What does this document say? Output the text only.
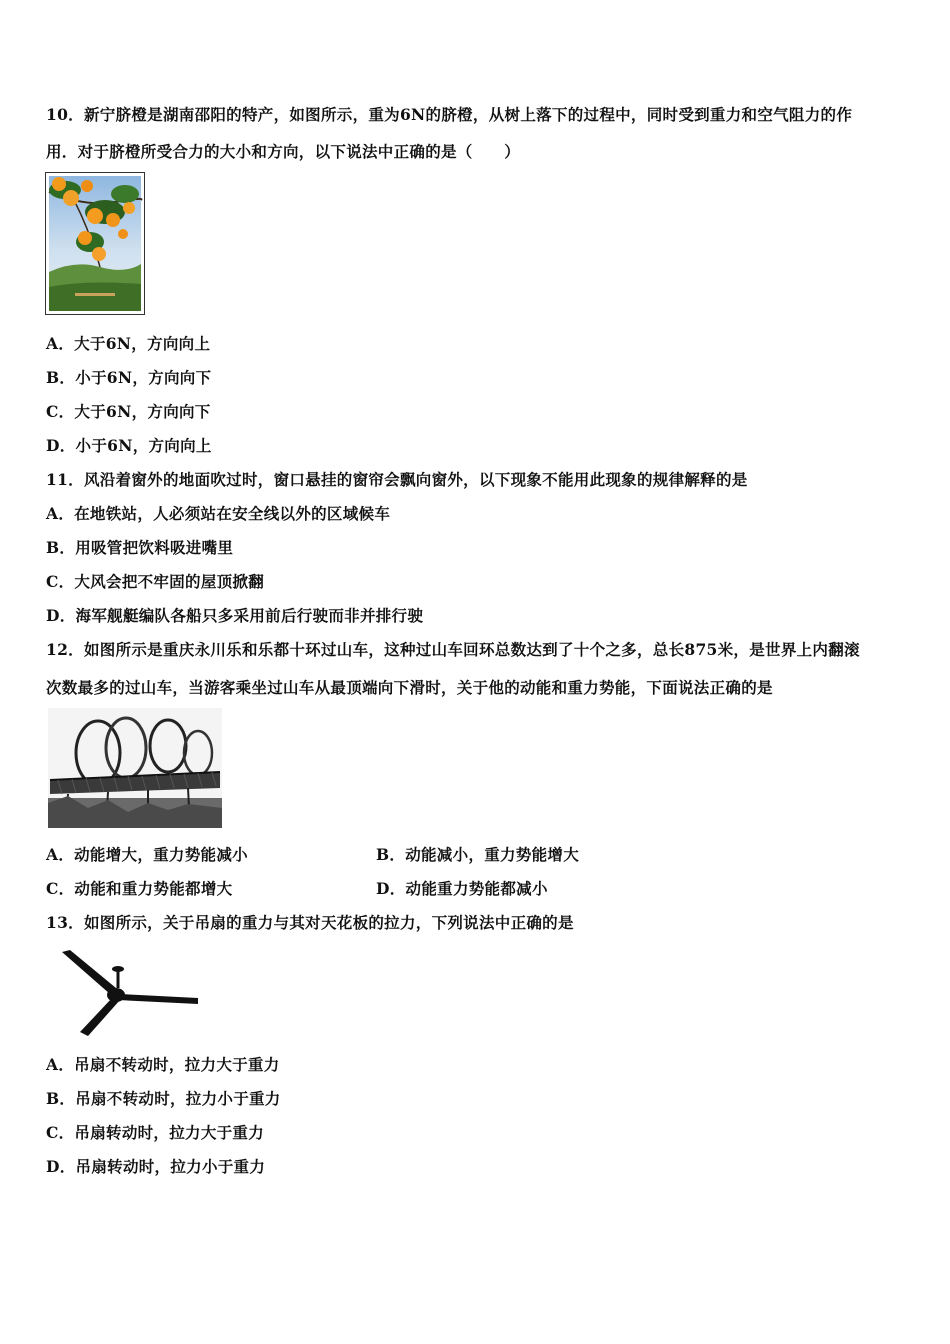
10．新宁脐橙是湖南邵阳的特产，如图所示，重为6N的脐橙，从树上落下的过程中，同时受到重力和空气阻力的作
用．对于脐橙所受合力的大小和方向，以下说法中正确的是（　　）
A．大于6N，方向向上
B．小于6N，方向向下
C．大于6N，方向向下
D．小于6N，方向向上
11．风沿着窗外的地面吹过时，窗口悬挂的窗帘会飘向窗外，以下现象不能用此现象的规律解释的是
A．在地铁站，人必须站在安全线以外的区域候车
B．用吸管把饮料吸进嘴里
C．大风会把不牢固的屋顶掀翻
D．海军舰艇编队各船只多采用前后行驶而非并排行驶
12．如图所示是重庆永川乐和乐都十环过山车，这种过山车回环总数达到了十个之多，总长875米，是世界上内翻滚
次数最多的过山车，当游客乘坐过山车从最顶端向下滑时，关于他的动能和重力势能，下面说法正确的是
A．动能增大，重力势能减小	B．动能减小，重力势能增大
C．动能和重力势能都增大	D．动能重力势能都减小
13．如图所示，关于吊扇的重力与其对天花板的拉力，下列说法中正确的是
A．吊扇不转动时，拉力大于重力
B．吊扇不转动时，拉力小于重力
C．吊扇转动时，拉力大于重力
D．吊扇转动时，拉力小于重力
